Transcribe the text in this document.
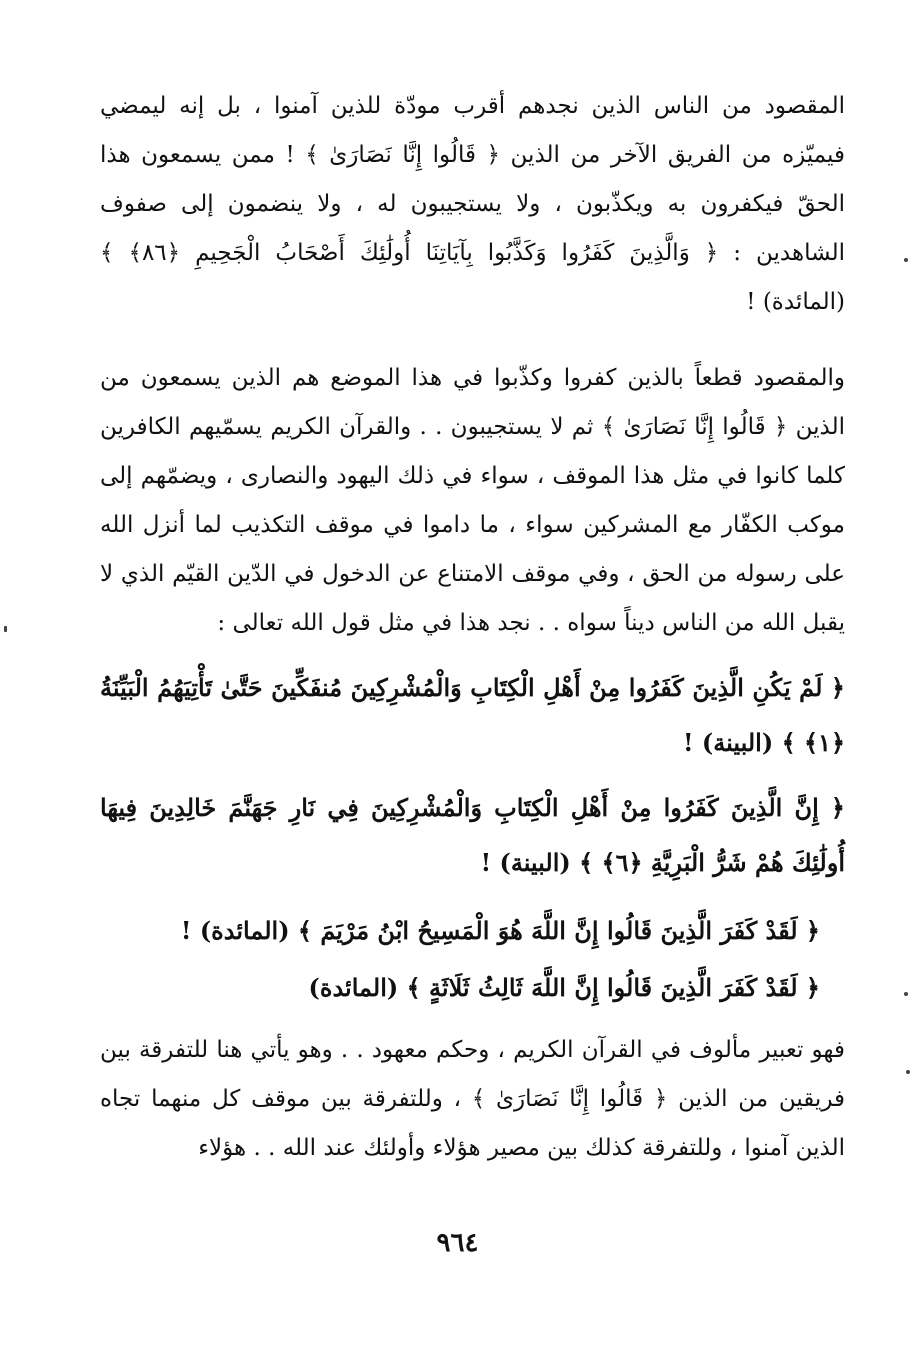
المقصود من الناس الذين نجدهم أقرب مودّة للذين آمنوا ، بل إنه ليمضي فيميّزه من الفريق الآخر من الذين ﴿ قَالُوا إِنَّا نَصَارَىٰ ﴾ ! ممن يسمعون هذا الحقّ فيكفرون به ويكذّبون ، ولا يستجيبون له ، ولا ينضمون إلى صفوف الشاهدين : ﴿ وَالَّذِينَ كَفَرُوا وَكَذَّبُوا بِآيَاتِنَا أُولَٰئِكَ أَصْحَابُ الْجَحِيمِ ﴿٨٦﴾ ﴾ (المائدة) !
والمقصود قطعاً بالذين كفروا وكذّبوا في هذا الموضع هم الذين يسمعون من الذين ﴿ قَالُوا إِنَّا نَصَارَىٰ ﴾ ثم لا يستجيبون . . والقرآن الكريم يسمّيهم الكافرين كلما كانوا في مثل هذا الموقف ، سواء في ذلك اليهود والنصارى ، ويضمّهم إلى موكب الكفّار مع المشركين سواء ، ما داموا في موقف التكذيب لما أنزل الله على رسوله من الحق ، وفي موقف الامتناع عن الدخول في الدّين القيّم الذي لا يقبل الله من الناس ديناً سواه . . نجد هذا في مثل قول الله تعالى :
﴿ لَمْ يَكُنِ الَّذِينَ كَفَرُوا مِنْ أَهْلِ الْكِتَابِ وَالْمُشْرِكِينَ مُنفَكِّينَ حَتَّىٰ تَأْتِيَهُمُ الْبَيِّنَةُ ﴿١﴾ ﴾ (البينة) !
﴿ إِنَّ الَّذِينَ كَفَرُوا مِنْ أَهْلِ الْكِتَابِ وَالْمُشْرِكِينَ فِي نَارِ جَهَنَّمَ خَالِدِينَ فِيهَا أُولَٰئِكَ هُمْ شَرُّ الْبَرِيَّةِ ﴿٦﴾ ﴾ (البينة) !
﴿ لَقَدْ كَفَرَ الَّذِينَ قَالُوا إِنَّ اللَّهَ هُوَ الْمَسِيحُ ابْنُ مَرْيَمَ ﴾ (المائدة) !
﴿ لَقَدْ كَفَرَ الَّذِينَ قَالُوا إِنَّ اللَّهَ ثَالِثُ ثَلَاثَةٍ ﴾ (المائدة)
فهو تعبير مألوف في القرآن الكريم ، وحكم معهود . . وهو يأتي هنا للتفرقة بين فريقين من الذين ﴿ قَالُوا إِنَّا نَصَارَىٰ ﴾ ، وللتفرقة بين موقف كل منهما تجاه الذين آمنوا ، وللتفرقة كذلك بين مصير هؤلاء وأولئك عند الله . . هؤلاء
٩٦٤
